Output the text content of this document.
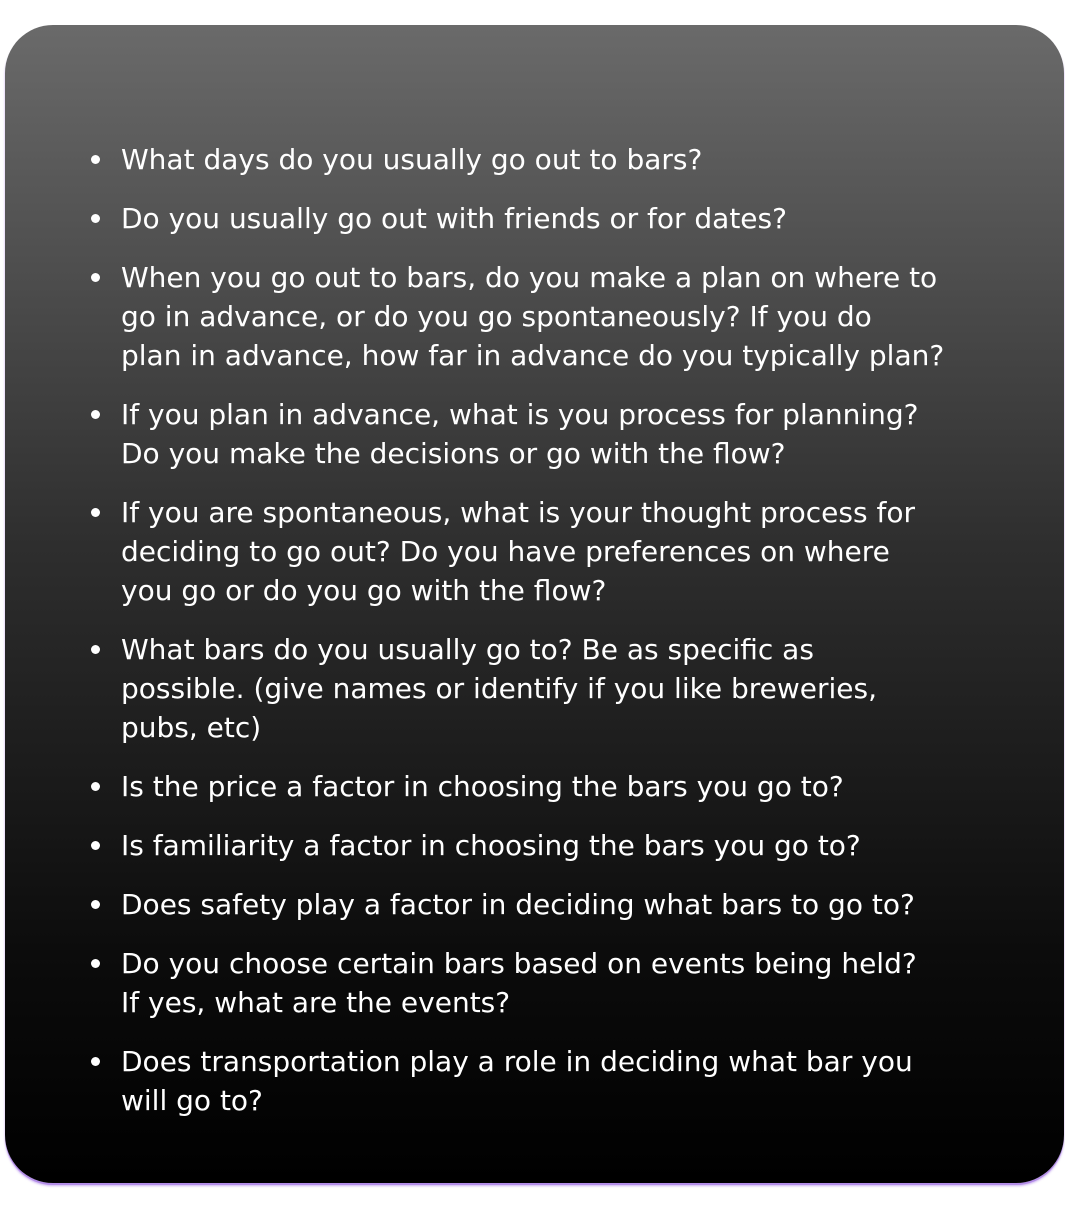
What days do you usually go out to bars?
Do you usually go out with friends or for dates?
When you go out to bars, do you make a plan on where to
go in advance, or do you go spontaneously? If you do
plan in advance, how far in advance do you typically plan?
If you plan in advance, what is you process for planning?
Do you make the decisions or go with the flow?
If you are spontaneous, what is your thought process for
deciding to go out? Do you have preferences on where
you go or do you go with the flow?
What bars do you usually go to? Be as specific as
possible. (give names or identify if you like breweries,
pubs, etc)
Is the price a factor in choosing the bars you go to?
Is familiarity a factor in choosing the bars you go to?
Does safety play a factor in deciding what bars to go to?
Do you choose certain bars based on events being held?
If yes, what are the events?
Does transportation play a role in deciding what bar you
will go to?
